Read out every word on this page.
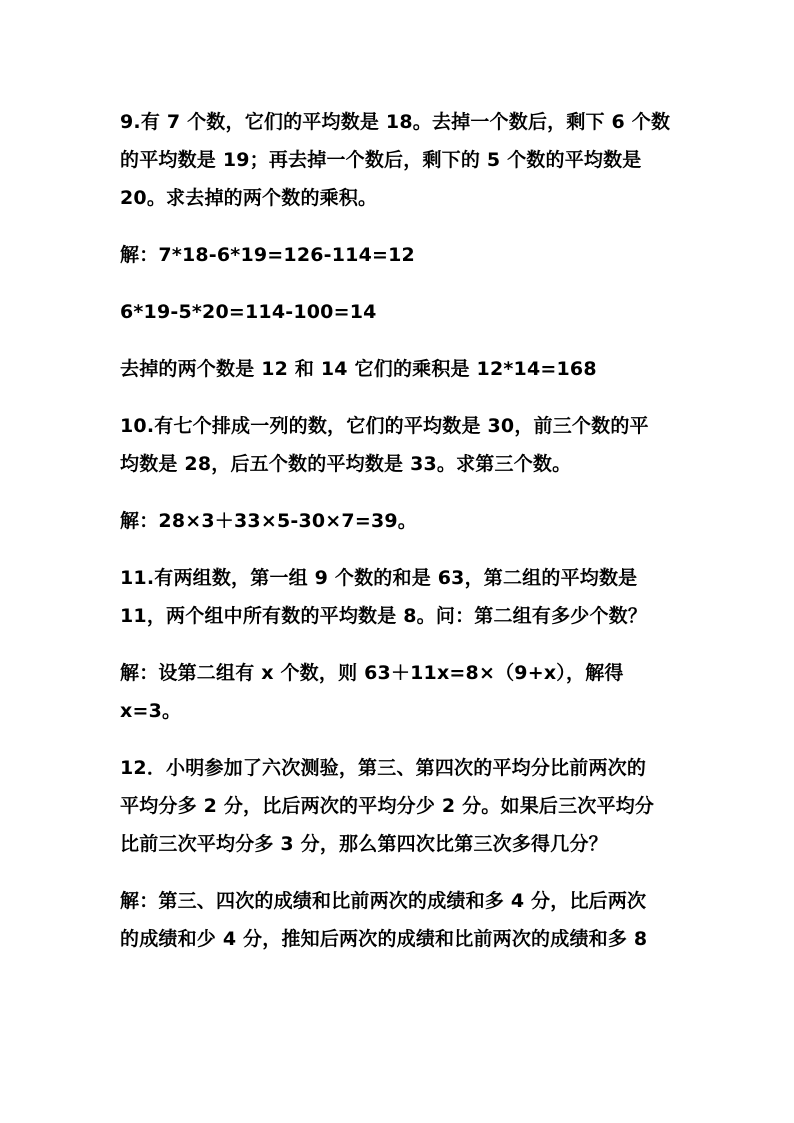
9.有 7 个数，它们的平均数是 18。去掉一个数后，剩下 6 个数
的平均数是 19；再去掉一个数后，剩下的 5 个数的平均数是
20。求去掉的两个数的乘积。

解：7*18-6*19=126-114=12

6*19-5*20=114-100=14

去掉的两个数是 12 和 14 它们的乘积是 12*14=168

10.有七个排成一列的数，它们的平均数是 30，前三个数的平
均数是 28，后五个数的平均数是 33。求第三个数。

解：28×3＋33×5-30×7=39。

11.有两组数，第一组 9 个数的和是 63，第二组的平均数是
11，两个组中所有数的平均数是 8。问：第二组有多少个数？

解：设第二组有 x 个数，则 63＋11x=8×（9+x），解得
x=3。

12．小明参加了六次测验，第三、第四次的平均分比前两次的
平均分多 2 分，比后两次的平均分少 2 分。如果后三次平均分
比前三次平均分多 3 分，那么第四次比第三次多得几分？

解：第三、四次的成绩和比前两次的成绩和多 4 分，比后两次
的成绩和少 4 分，推知后两次的成绩和比前两次的成绩和多 8
